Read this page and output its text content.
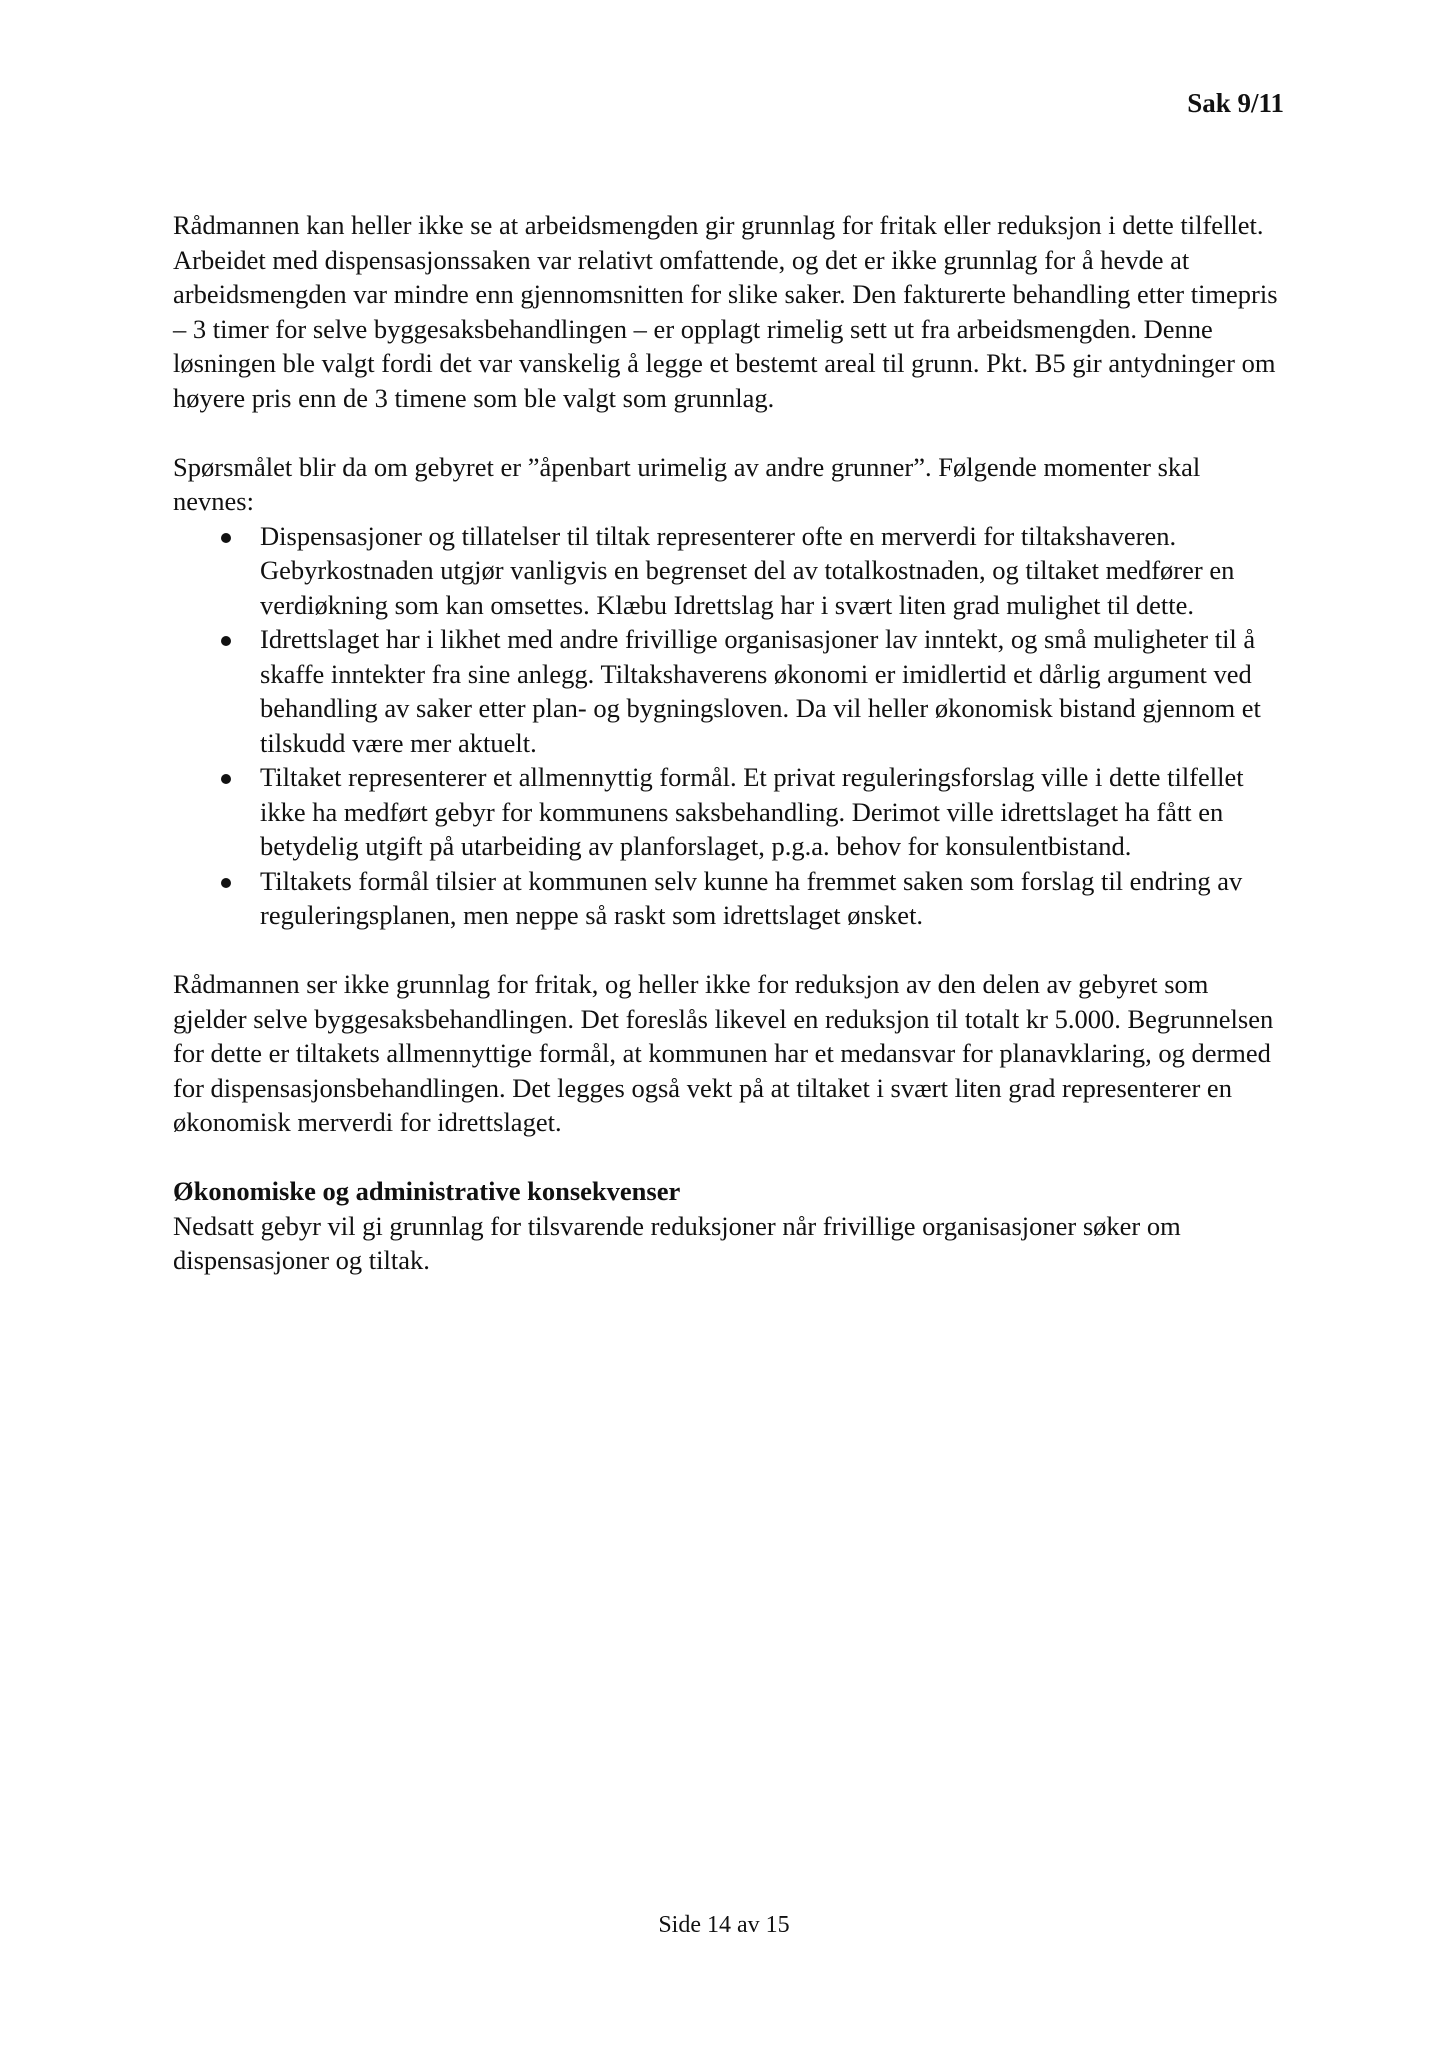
Sak 9/11

Rådmannen kan heller ikke se at arbeidsmengden gir grunnlag for fritak eller reduksjon i dette tilfellet. Arbeidet med dispensasjonssaken var relativt omfattende, og det er ikke grunnlag for å hevde at arbeidsmengden var mindre enn gjennomsnitten for slike saker. Den fakturerte behandling etter timepris – 3 timer for selve byggesaksbehandlingen – er opplagt rimelig sett ut fra arbeidsmengden. Denne løsningen ble valgt fordi det var vanskelig å legge et bestemt areal til grunn. Pkt. B5 gir antydninger om høyere pris enn de 3 timene som ble valgt som grunnlag.

Spørsmålet blir da om gebyret er ”åpenbart urimelig av andre grunner”. Følgende momenter skal nevnes:

Dispensasjoner og tillatelser til tiltak representerer ofte en merverdi for tiltakshaveren. Gebyrkostnaden utgjør vanligvis en begrenset del av totalkostnaden, og tiltaket medfører en verdiøkning som kan omsettes. Klæbu Idrettslag har i svært liten grad mulighet til dette.
Idrettslaget har i likhet med andre frivillige organisasjoner lav inntekt, og små muligheter til å skaffe inntekter fra sine anlegg. Tiltakshaverens økonomi er imidlertid et dårlig argument ved behandling av saker etter plan- og bygningsloven. Da vil heller økonomisk bistand gjennom et tilskudd være mer aktuelt.
Tiltaket representerer et allmennyttig formål. Et privat reguleringsforslag ville i dette tilfellet ikke ha medført gebyr for kommunens saksbehandling. Derimot ville idrettslaget ha fått en betydelig utgift på utarbeiding av planforslaget, p.g.a. behov for konsulentbistand.
Tiltakets formål tilsier at kommunen selv kunne ha fremmet saken som forslag til endring av reguleringsplanen, men neppe så raskt som idrettslaget ønsket.

Rådmannen ser ikke grunnlag for fritak, og heller ikke for reduksjon av den delen av gebyret som gjelder selve byggesaksbehandlingen. Det foreslås likevel en reduksjon til totalt kr 5.000. Begrunnelsen for dette er tiltakets allmennyttige formål, at kommunen har et medansvar for planavklaring, og dermed for dispensasjonsbehandlingen. Det legges også vekt på at tiltaket i svært liten grad representerer en økonomisk merverdi for idrettslaget.

Økonomiske og administrative konsekvenser

Nedsatt gebyr vil gi grunnlag for tilsvarende reduksjoner når frivillige organisasjoner søker om dispensasjoner og tiltak.

Side 14 av 15
